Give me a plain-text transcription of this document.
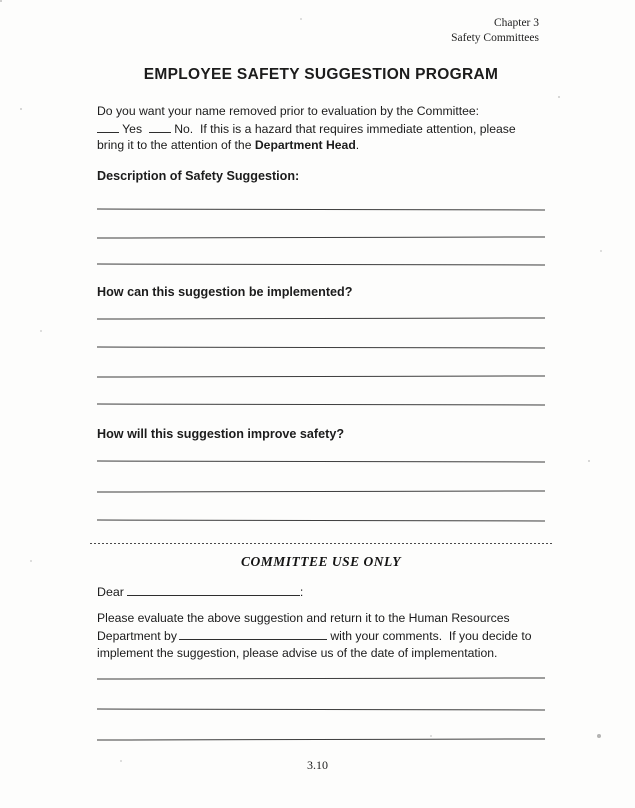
Chapter 3
Safety Committees
EMPLOYEE SAFETY SUGGESTION PROGRAM

Do you want your name removed prior to evaluation by the Committee:
Yes   No.  If this is a hazard that requires immediate attention, please
bring it to the attention of the Department Head.

Description of Safety Suggestion:
How can this suggestion be implemented?
How will this suggestion improve safety?
COMMITTEE USE ONLY
Dear	:

Please evaluate the above suggestion and return it to the Human Resources
Department by	with your comments.  If you decide to
implement the suggestion, please advise us of the date of implementation.

3.10
